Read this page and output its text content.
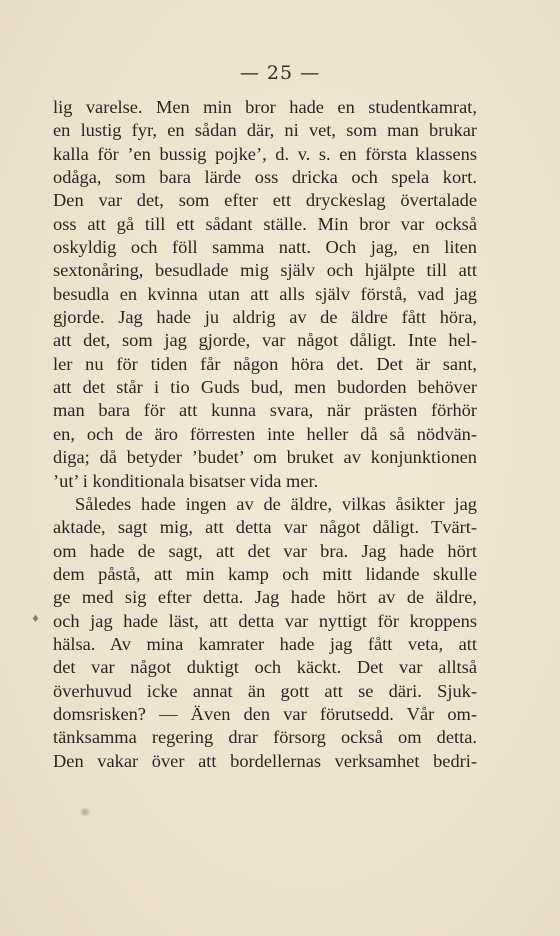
— 25 —
lig varelse. Men min bror hade en studentkamrat,
en lustig fyr, en sådan där, ni vet, som man brukar
kalla för ’en bussig pojke’, d. v. s. en första klassens
odåga, som bara lärde oss dricka och spela kort.
Den var det, som efter ett dryckeslag övertalade
oss att gå till ett sådant ställe. Min bror var också
oskyldig och föll samma natt. Och jag, en liten
sextonåring, besudlade mig själv och hjälpte till att
besudla en kvinna utan att alls själv förstå, vad jag
gjorde. Jag hade ju aldrig av de äldre fått höra,
att det, som jag gjorde, var något dåligt. Inte hel-
ler nu för tiden får någon höra det. Det är sant,
att det står i tio Guds bud, men budorden behöver
man bara för att kunna svara, när prästen förhör
en, och de äro förresten inte heller då så nödvän-
diga; då betyder ’budet’ om bruket av konjunktionen
’ut’ i konditionala bisatser vida mer.
Således hade ingen av de äldre, vilkas åsikter jag
aktade, sagt mig, att detta var något dåligt. Tvärt-
om hade de sagt, att det var bra. Jag hade hört
dem påstå, att min kamp och mitt lidande skulle
ge med sig efter detta. Jag hade hört av de äldre,
och jag hade läst, att detta var nyttigt för kroppens
hälsa. Av mina kamrater hade jag fått veta, att
det var något duktigt och käckt. Det var alltså
överhuvud icke annat än gott att se däri. Sjuk-
domsrisken? — Även den var förutsedd. Vår om-
tänksamma regering drar försorg också om detta.
Den vakar över att bordellernas verksamhet bedri-
♦
